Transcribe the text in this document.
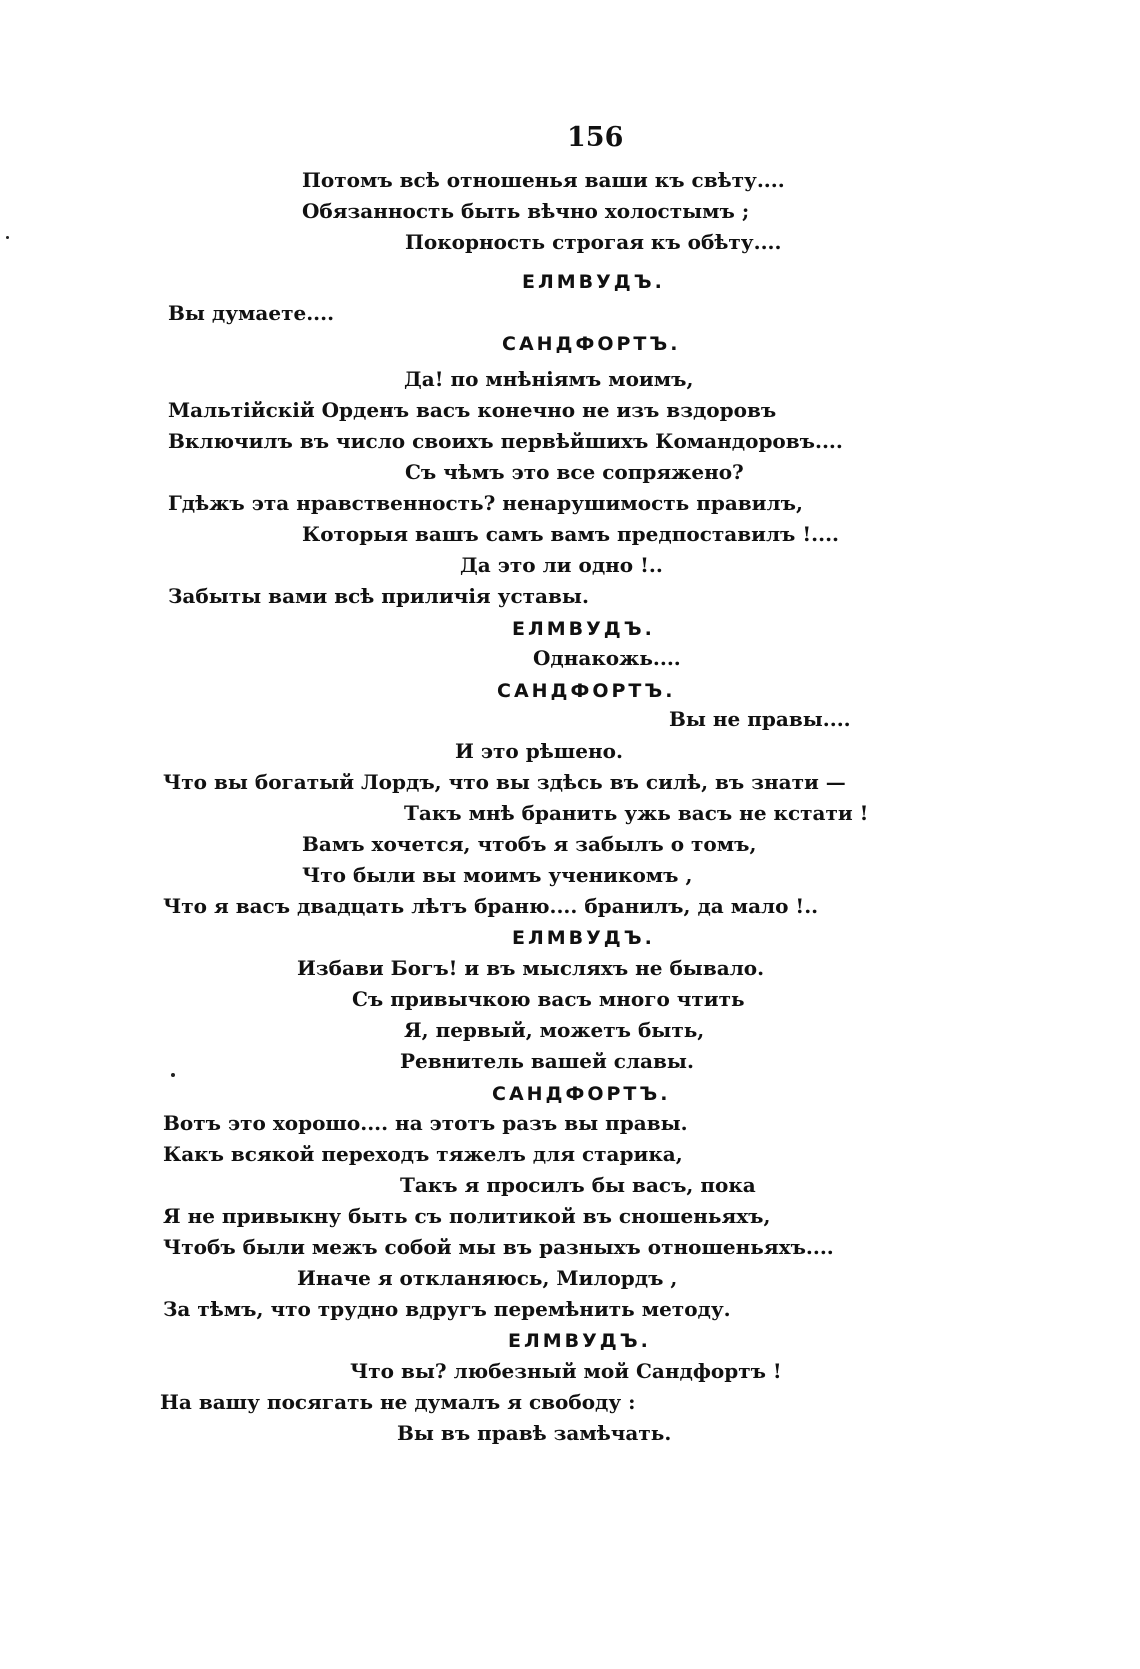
156
Потомъ всѣ отношенья ваши къ свѣту....
Обязанность быть вѣчно холостымъ ;
Покорность строгая къ обѣту....
ЕЛМВУДЪ.
Вы думаете....
САНДФОРТЪ.
Да! по мнѣніямъ моимъ,
Мальтійскій Орденъ васъ конечно не изъ вздоровъ
Включилъ въ число своихъ первѣйшихъ Командоровъ....
Съ чѣмъ это все сопряжено?
Гдѣжъ эта нравственность? ненарушимость правилъ,
Которыя вашъ самъ вамъ предпоставилъ !....
Да это ли одно !..
Забыты вами всѣ приличія уставы.
ЕЛМВУДЪ.
Однакожь....
САНДФОРТЪ.
Вы не правы....
И это рѣшено.
Что вы богатый Лордъ, что вы здѣсь въ силѣ, въ знати —
Такъ мнѣ бранить ужь васъ не кстати !
Вамъ хочется, чтобъ я забылъ о томъ,
Что были вы моимъ ученикомъ ,
Что я васъ двадцать лѣтъ браню.... бранилъ, да мало !..
ЕЛМВУДЪ.
Избави Богъ! и въ мысляхъ не бывало.
Съ привычкою васъ много чтить
Я, первый, можетъ быть,
Ревнитель вашей славы.
САНДФОРТЪ.
Вотъ это хорошо.... на этотъ разъ вы правы.
Какъ всякой переходъ тяжелъ для старика,
Такъ я просилъ бы васъ, пока
Я не привыкну быть съ политикой въ сношеньяхъ,
Чтобъ были межъ собой мы въ разныхъ отношеньяхъ....
Иначе я откланяюсь, Милордъ ,
За тѣмъ, что трудно вдругъ перемѣнить методу.
ЕЛМВУДЪ.
Что вы? любезный мой Сандфортъ !
На вашу посягать не думалъ я свободу :
Вы въ правѣ замѣчать.
